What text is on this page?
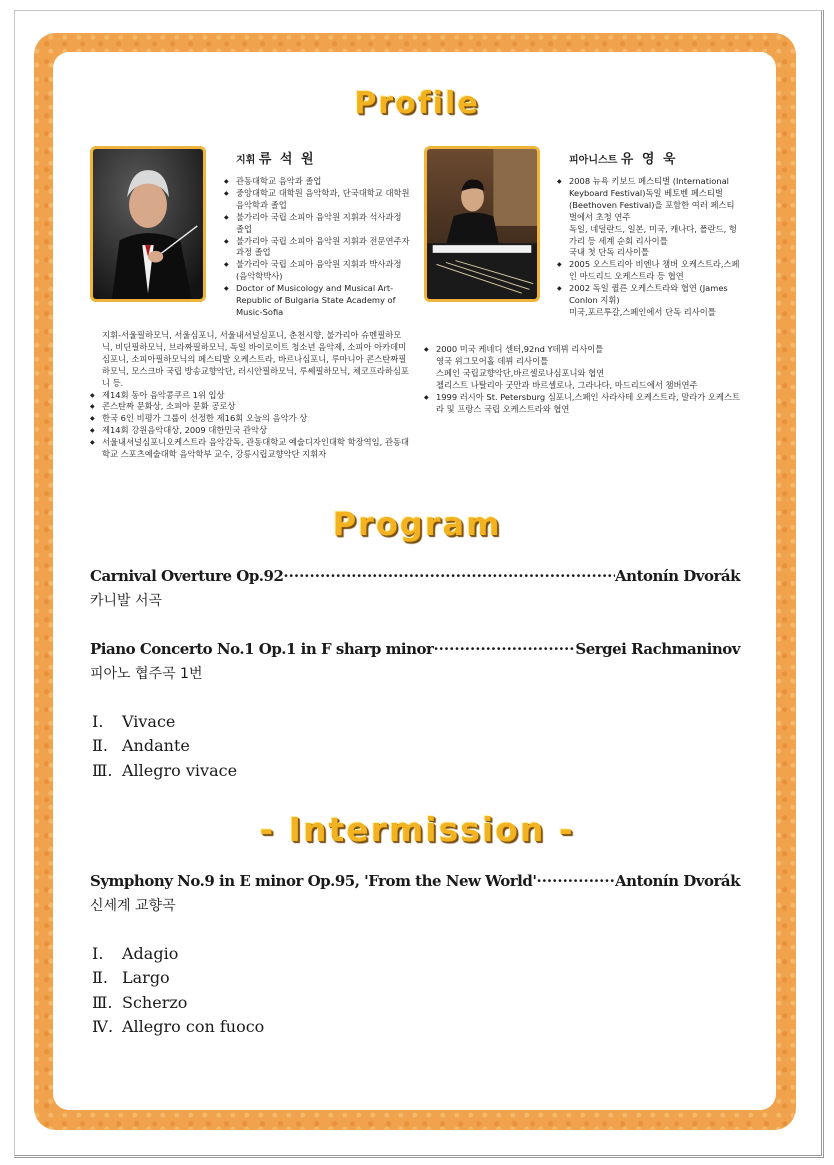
Profile
지휘 류 석 원
◆ 관동대학교 음악과 졸업
◆ 중앙대학교 대학원 음악학과, 단국대학교 대학원 음악학과 졸업
◆ 불가리아 국립 소피아 음악원 지휘과 석사과정 졸업
◆ 불가리아 국립 소피아 음악원 지휘과 전문연주자 과정 졸업
◆ 불가리아 국립 소피아 음악원 지휘과 박사과정 (음악학박사)
◆ Doctor of Musicology and Musical Art-Republic of Bulgaria State Academy of Music-Sofia
지휘-서울필하모닉, 서울심포니, 서울내셔널심포니, 춘천시향, 불가리아 슈멘필하모닉, 비딘필하모닉, 브라짜필하모닉, 독일 바이로이트 청소년 음악제, 소피아 아카데미심포니, 소피아필하모닉의 페스티발 오케스트라, 바르나심포니, 루마니아 콘스탄짜필하모닉, 모스크바 국립 방송교향악단, 러시안필하모닉, 루쎄필하모닉, 체코프라하심포니 등.
◆ 제14회 동아 음악콩쿠르 1위 입상
◆ 콘스탄짜 문화상, 소피아 문화 공로상
◆ 한국 6인 비평가 그룹이 선정한 제16회 오늘의 음악가 상
◆ 제14회 강원음악대상, 2009 대한민국 관악상
◆ 서울내셔널심포니오케스트라 음악감독, 관동대학교 예술디자인대학 학장역임, 관동대학교 스포츠예술대학 음악학부 교수, 강릉시립교향악단 지휘자
피아니스트 유 영 욱
◆ 2008 뉴욕 키보드 페스티벌 (International Keyboard Festival)독일 베토벤 페스티벌 (Beethoven Festival)을 포함한 여러 페스티벌에서 초청 연주
독일, 네덜란드, 일본, 미국, 캐나다, 폴란드, 헝가리 등 세계 순회 리사이틀
국내 첫 단독 리사이틀
◆ 2005 오스트리아 비엔나 챔버 오케스트라,스페인 마드리드 오케스트라 등 협연
◆ 2002 독일 퀼른 오케스트라와 협연 (James Conlon 지휘)
미국,포르투갈,스페인에서 단독 리사이틀
◆ 2000 미국 케네디 센터,92nd Y데뷔 리사이틀
영국 위그모어홀 데뷔 리사이틀
스페인 국립교향악단,바르셀로나심포니와 협연
첼리스트 나탈리아 굿만과 바르셀로나, 그라나다, 마드리드에서 챔버연주
◆ 1999 러시아 St. Petersburg 심포니,스페인 사라사테 오케스트라, 말라가 오케스트라 및 프랑스 국립 오케스트라와 협연
Program
Carnival Overture Op.92 ·····	Antonín Dvorák
카니발 서곡
Piano Concerto No.1 Op.1 in F sharp minor ·····	Sergei Rachmaninov
피아노 협주곡 1번
Ⅰ. Vivace
Ⅱ. Andante
Ⅲ. Allegro vivace
- Intermission -
Symphony No.9 in E minor Op.95, 'From the New World' ·····	Antonín Dvorák
신세계 교향곡
Ⅰ. Adagio
Ⅱ. Largo
Ⅲ. Scherzo
Ⅳ. Allegro con fuoco
